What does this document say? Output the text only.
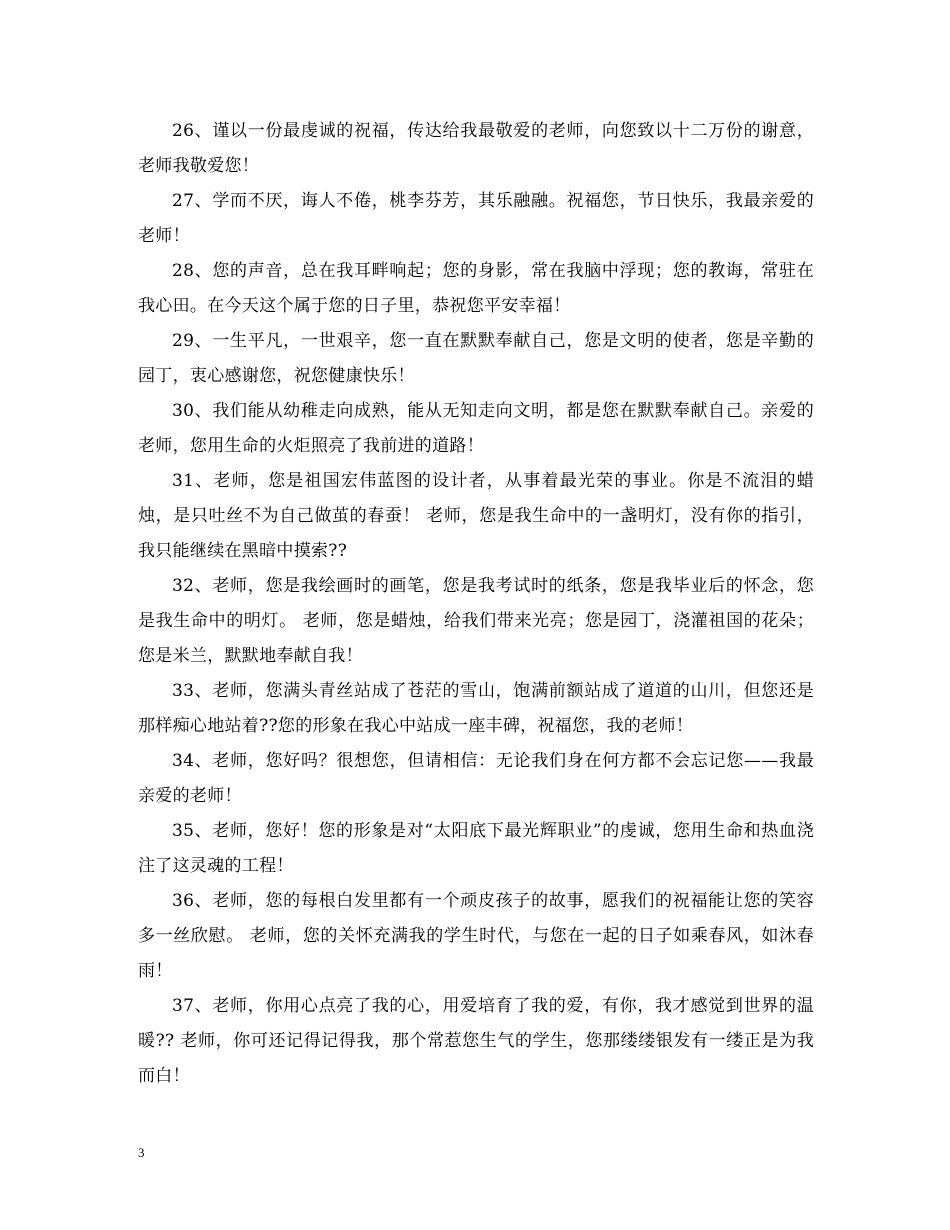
26、谨以一份最虔诚的祝福，传达给我最敬爱的老师，向您致以十二万份的谢意，老师我敬爱您！

27、学而不厌，诲人不倦，桃李芬芳，其乐融融。祝福您，节日快乐，我最亲爱的老师！

28、您的声音，总在我耳畔响起；您的身影，常在我脑中浮现；您的教诲，常驻在我心田。在今天这个属于您的日子里，恭祝您平安幸福！

29、一生平凡，一世艰辛，您一直在默默奉献自己，您是文明的使者，您是辛勤的园丁，衷心感谢您，祝您健康快乐！

30、我们能从幼稚走向成熟，能从无知走向文明，都是您在默默奉献自己。亲爱的老师，您用生命的火炬照亮了我前进的道路！

31、老师，您是祖国宏伟蓝图的设计者，从事着最光荣的事业。你是不流泪的蜡烛，是只吐丝不为自己做茧的春蚕！ 老师，您是我生命中的一盏明灯，没有你的指引，我只能继续在黑暗中摸索??

32、老师，您是我绘画时的画笔，您是我考试时的纸条，您是我毕业后的怀念，您是我生命中的明灯。 老师，您是蜡烛，给我们带来光亮；您是园丁，浇灌祖国的花朵；您是米兰，默默地奉献自我！

33、老师，您满头青丝站成了苍茫的雪山，饱满前额站成了道道的山川，但您还是那样痴心地站着??您的形象在我心中站成一座丰碑，祝福您，我的老师！

34、老师，您好吗？很想您，但请相信：无论我们身在何方都不会忘记您——我最亲爱的老师！

35、老师，您好！您的形象是对“太阳底下最光辉职业”的虔诚，您用生命和热血浇注了这灵魂的工程！

36、老师，您的每根白发里都有一个顽皮孩子的故事，愿我们的祝福能让您的笑容多一丝欣慰。 老师，您的关怀充满我的学生时代，与您在一起的日子如乘春风，如沐春雨！

37、老师，你用心点亮了我的心，用爱培育了我的爱，有你，我才感觉到世界的温暖?? 老师，你可还记得记得我，那个常惹您生气的学生，您那缕缕银发有一缕正是为我而白！

3
